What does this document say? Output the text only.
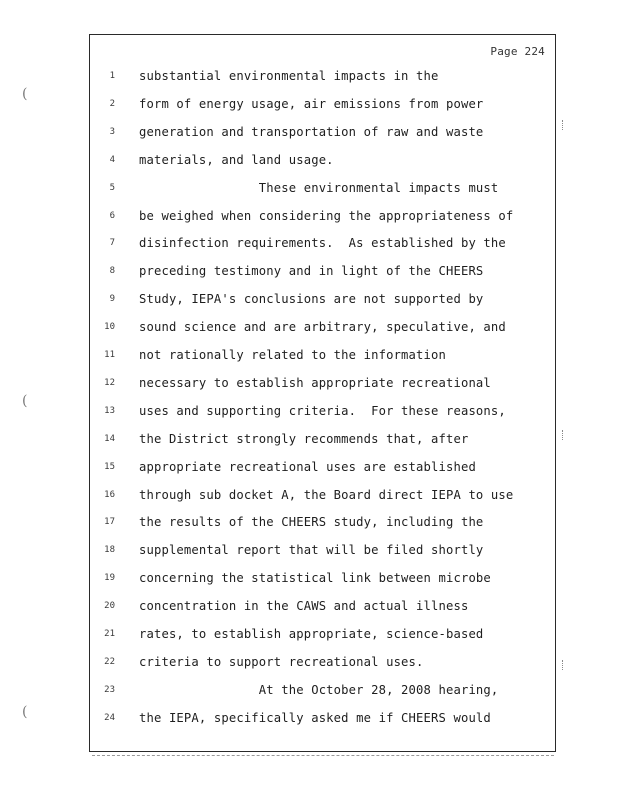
Page 224
1 substantial environmental impacts in the
2 form of energy usage, air emissions from power
3 generation and transportation of raw and waste
4 materials, and land usage.
5 These environmental impacts must
6 be weighed when considering the appropriateness of
7 disinfection requirements.  As established by the
8 preceding testimony and in light of the CHEERS
9 Study, IEPA's conclusions are not supported by
10 sound science and are arbitrary, speculative, and
11 not rationally related to the information
12 necessary to establish appropriate recreational
13 uses and supporting criteria.  For these reasons,
14 the District strongly recommends that, after
15 appropriate recreational uses are established
16 through sub docket A, the Board direct IEPA to use
17 the results of the CHEERS study, including the
18 supplemental report that will be filed shortly
19 concerning the statistical link between microbe
20 concentration in the CAWS and actual illness
21 rates, to establish appropriate, science-based
22 criteria to support recreational uses.
23 At the October 28, 2008 hearing,
24 the IEPA, specifically asked me if CHEERS would
(
(
(
